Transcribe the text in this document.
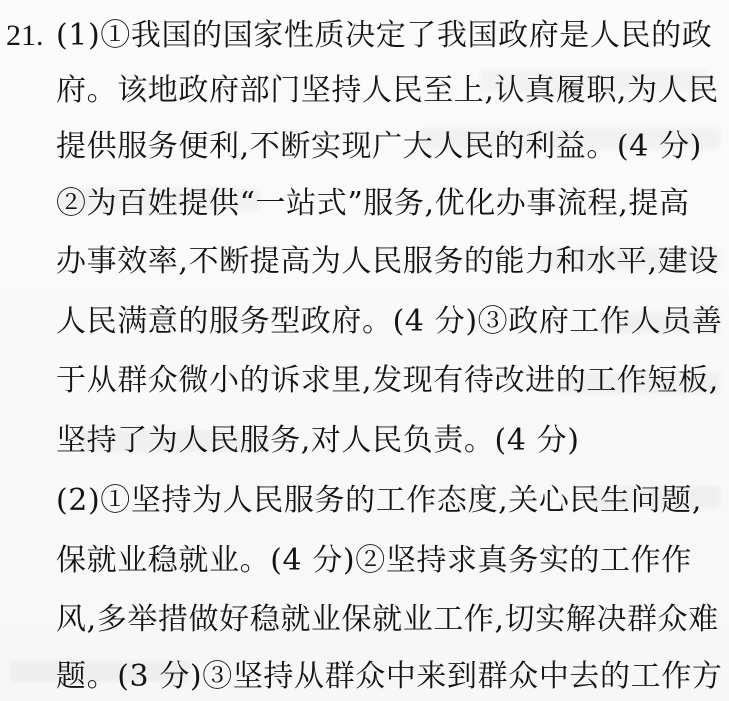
21. (1)①我国的国家性质决定了我国政府是人民的政
府。该地政府部门坚持人民至上,认真履职,为人民
提供服务便利,不断实现广大人民的利益。(4 分)
②为百姓提供“一站式”服务,优化办事流程,提高
办事效率,不断提高为人民服务的能力和水平,建设
人民满意的服务型政府。(4 分)③政府工作人员善
于从群众微小的诉求里,发现有待改进的工作短板,
坚持了为人民服务,对人民负责。(4 分)
(2)①坚持为人民服务的工作态度,关心民生问题,
保就业稳就业。(4 分)②坚持求真务实的工作作
风,多举措做好稳就业保就业工作,切实解决群众难
题。(3 分)③坚持从群众中来到群众中去的工作方
